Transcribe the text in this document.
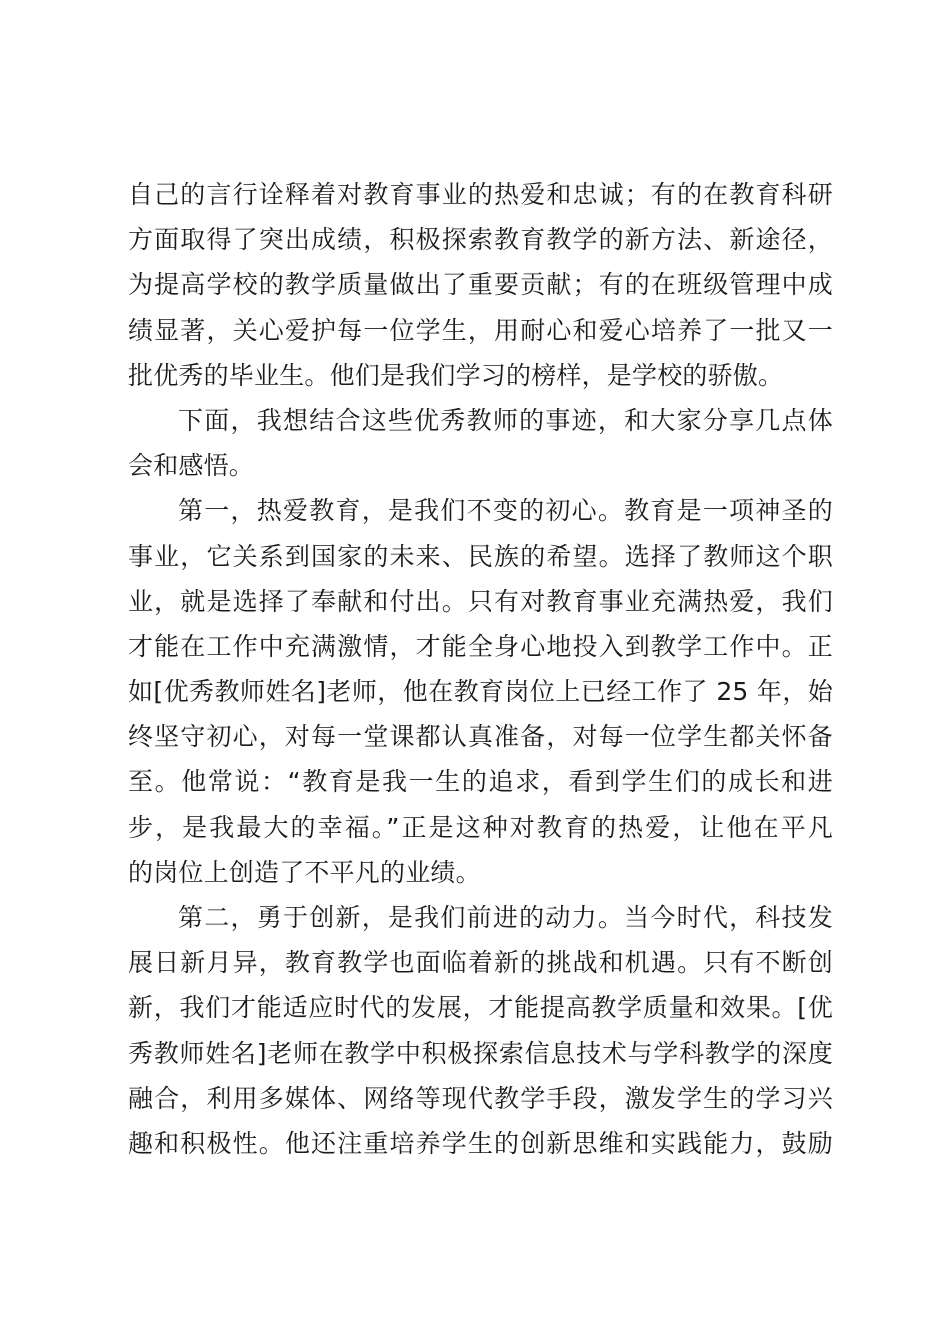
自己的言行诠释着对教育事业的热爱和忠诚；有的在教育科研
方面取得了突出成绩，积极探索教育教学的新方法、新途径，
为提高学校的教学质量做出了重要贡献；有的在班级管理中成
绩显著，关心爱护每一位学生，用耐心和爱心培养了一批又一
批优秀的毕业生。他们是我们学习的榜样，是学校的骄傲。
下面，我想结合这些优秀教师的事迹，和大家分享几点体
会和感悟。
第一，热爱教育，是我们不变的初心。教育是一项神圣的
事业，它关系到国家的未来、民族的希望。选择了教师这个职
业，就是选择了奉献和付出。只有对教育事业充满热爱，我们
才能在工作中充满激情，才能全身心地投入到教学工作中。正
如[优秀教师姓名]老师，他在教育岗位上已经工作了 25 年，始
终坚守初心，对每一堂课都认真准备，对每一位学生都关怀备
至。他常说：“教育是我一生的追求，看到学生们的成长和进
步，是我最大的幸福。”正是这种对教育的热爱，让他在平凡
的岗位上创造了不平凡的业绩。
第二，勇于创新，是我们前进的动力。当今时代，科技发
展日新月异，教育教学也面临着新的挑战和机遇。只有不断创
新，我们才能适应时代的发展，才能提高教学质量和效果。[优
秀教师姓名]老师在教学中积极探索信息技术与学科教学的深度
融合，利用多媒体、网络等现代教学手段，激发学生的学习兴
趣和积极性。他还注重培养学生的创新思维和实践能力，鼓励
